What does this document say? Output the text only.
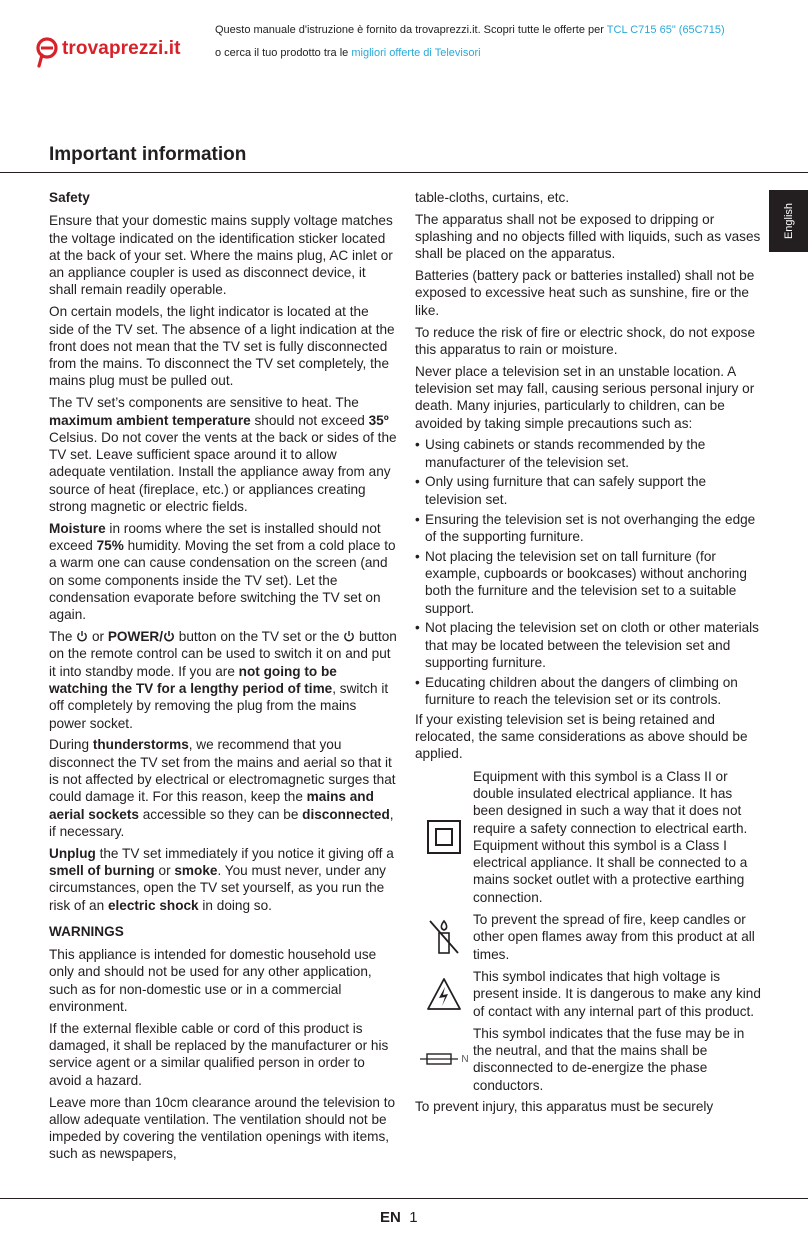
trovaprezzi.it
Questo manuale d'istruzione è fornito da trovaprezzi.it. Scopri tutte le offerte per TCL C715 65" (65C715)
o cerca il tuo prodotto tra le migliori offerte di Televisori
Important information
English

Safety

Ensure that your domestic mains supply voltage matches the voltage indicated on the identification sticker located at the back of your set. Where the mains plug, AC inlet or an appliance coupler is used as disconnect device, it shall remain readily operable.

On certain models, the light indicator is located at the side of the TV set. The absence of a light indication at the front does not mean that the TV set is fully disconnected from the mains. To disconnect the TV set completely, the mains plug must be pulled out.

The TV set’s components are sensitive to heat. The maximum ambient temperature should not exceed 35º Celsius. Do not cover the vents at the back or sides of the TV set. Leave sufficient space around it to allow adequate ventilation. Install the appliance away from any source of heat (fireplace, etc.) or appliances creating strong magnetic or electric fields.

Moisture in rooms where the set is installed should not exceed 75% humidity. Moving the set from a cold place to a warm one can cause condensation on the screen (and on some components inside the TV set). Let the condensation evaporate before switching the TV set on again.

The  or POWER/ button on the TV set or the  button on the remote control can be used to switch it on and put it into standby mode. If you are not going to be watching the TV for a lengthy period of time, switch it off completely by removing the plug from the mains power socket.

During thunderstorms, we recommend that you disconnect the TV set from the mains and aerial so that it is not affected by electrical or electromagnetic surges that could damage it. For this reason, keep the mains and aerial sockets accessible so they can be disconnected, if necessary.

Unplug the TV set immediately if you notice it giving off a smell of burning or smoke. You must never, under any circumstances, open the TV set yourself, as you run the risk of an electric shock in doing so.

WARNINGS

This appliance is intended for domestic household use only and should not be used for any other application, such as for non-domestic use or in a commercial environment.

If the external flexible cable or cord of this product is damaged, it shall be replaced by the manufacturer or his service agent or a similar qualified person in order to avoid a hazard.

Leave more than 10cm clearance around the television to allow adequate ventilation. The ventilation should not be impeded by covering the ventilation openings with items, such as newspapers,

table-cloths, curtains, etc.

The apparatus shall not be exposed to dripping or splashing and no objects filled with liquids, such as vases shall be placed on the apparatus.

Batteries (battery pack or batteries installed) shall not be exposed to excessive heat such as sunshine, fire or the like.

To reduce the risk of fire or electric shock, do not expose this apparatus to rain or moisture.

Never place a television set in an unstable location. A television set may fall, causing serious personal injury or death. Many injuries, particularly to children, can be avoided by taking simple precautions such as:

• Using cabinets or stands recommended by the manufacturer of the television set.
• Only using furniture that can safely support the television set.
• Ensuring the television set is not overhanging the edge of the supporting furniture.
• Not placing the television set on tall furniture (for example, cupboards or bookcases) without anchoring both the furniture and the television set to a suitable support.
• Not placing the television set on cloth or other materials that may be located between the television set and supporting furniture.
• Educating children about the dangers of climbing on furniture to reach the television set or its controls.

If your existing television set is being retained and relocated, the same considerations as above should be applied.

Equipment with this symbol is a Class II or double insulated electrical appliance. It has been designed in such a way that it does not require a safety connection to electrical earth.

Equipment without this symbol is a Class I electrical appliance. It shall be connected to a mains socket outlet with a protective earthing connection.

To prevent the spread of fire, keep candles or other open flames away from this product at all times.

This symbol indicates that high voltage is present inside. It is dangerous to make any kind of contact with any internal part of this product.

N

This symbol indicates that the fuse may be in the neutral, and that the mains shall be disconnected to de-energize the phase conductors.

To prevent injury, this apparatus must be securely

EN 1
